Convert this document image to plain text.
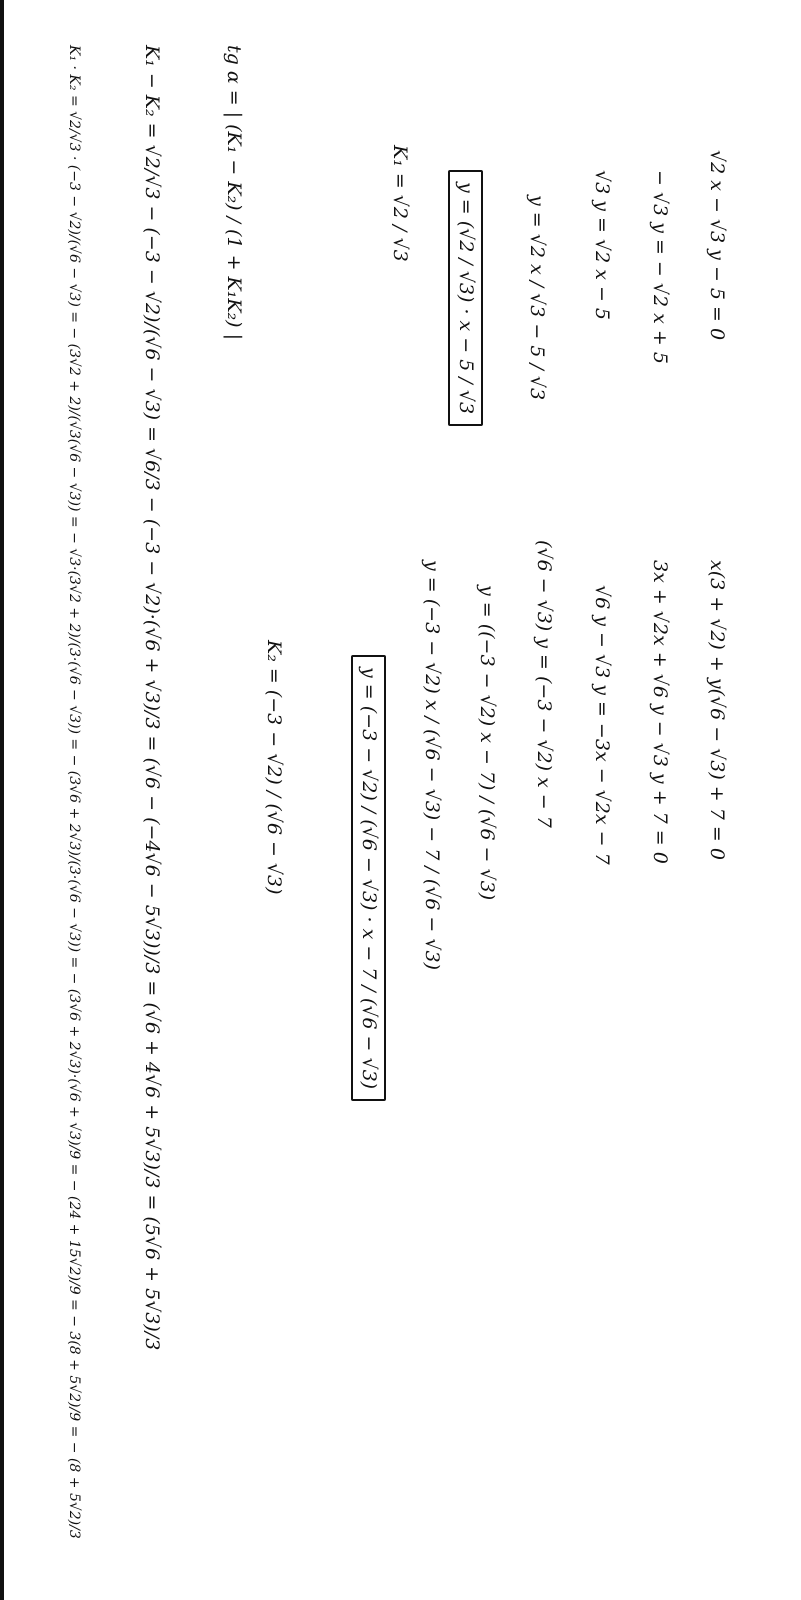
√2 x − √3 y − 5 = 0
− √3 y = − √2 x + 5
√3 y = √2 x − 5
y = √2 x / √3 − 5 / √3
y = (√2 / √3) · x − 5 / √3
K₁ = √2 / √3
x(3 + √2) + y(√6 − √3) + 7 = 0
3x + √2x + √6 y − √3 y + 7 = 0
√6 y − √3 y = −3x − √2x − 7
(√6 − √3) y = (−3 − √2) x − 7
y = ((−3 − √2) x − 7) / (√6 − √3)
y = (−3 − √2) x / (√6 − √3) − 7 / (√6 − √3)
y = (−3 − √2) / (√6 − √3) · x − 7 / (√6 − √3)
K₂ = (−3 − √2) / (√6 − √3)
tg α = | (K₁ − K₂) / (1 + K₁K₂) |
K₁ − K₂ = √2/√3 − (−3 − √2)/(√6 − √3) = √6/3 − (−3 − √2)·(√6 + √3)/3 = (√6 − (−4√6 − 5√3))/3 = (√6 + 4√6 + 5√3)/3 = (5√6 + 5√3)/3
K₁ · K₂ = √2/√3 · (−3 − √2)/(√6 − √3) = − (3√2 + 2)/(√3(√6 − √3)) = − √3·(3√2 + 2)/(3·(√6 − √3)) = − (3√6 + 2√3)/(3·(√6 − √3)) = − (3√6 + 2√3)·(√6 + √3)/9 = − (24 + 15√2)/9 = − 3(8 + 5√2)/9 = − (8 + 5√2)/3
